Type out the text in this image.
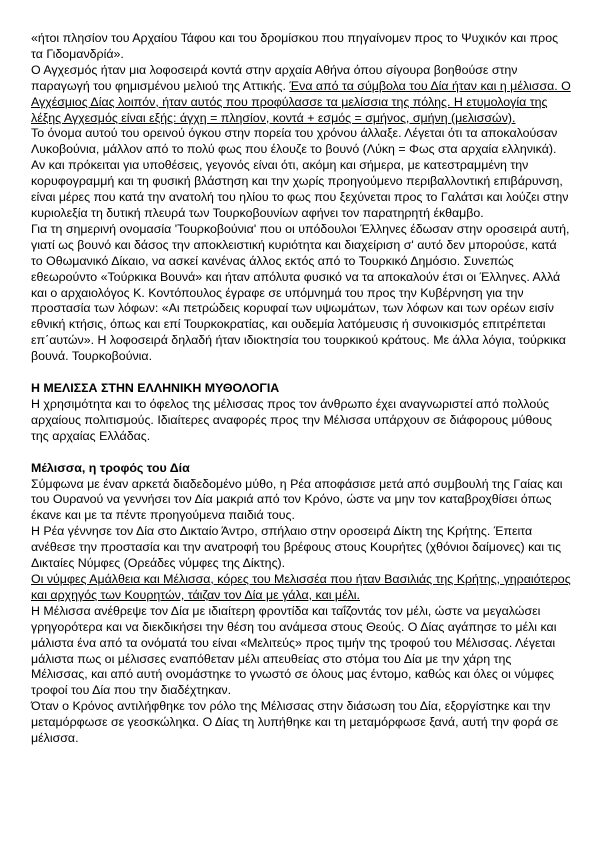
«ήτοι πλησίον του Αρχαίου Τάφου και του δρομίσκου που πηγαίνομεν προς το Ψυχικόν και προς τα Γιδομανδρίά».

Ο Αγχεσμός ήταν μια λοφοσειρά κοντά στην αρχαία Αθήνα όπου σίγουρα βοηθούσε στην παραγωγή του φημισμένου μελιού της Αττικής. Ένα από τα σύμβολα του Δία ήταν και η μέλισσα. Ο Αγχέσμιος Δίας λοιπόν, ήταν αυτός που προφύλασσε τα μελίσσια της πόλης. Η ετυμολογία της λέξης Αγχεσμός είναι εξής: άγχη = πλησίον, κοντά + εσμός = σμήνος, σμήνη (μελισσών).

Το όνομα αυτού του ορεινού όγκου στην πορεία του χρόνου άλλαξε. Λέγεται ότι τα αποκαλούσαν Λυκοβούνια, μάλλον από το πολύ φως που έλουζε το βουνό (Λύκη = Φως στα αρχαία ελληνικά). Αν και πρόκειται για υποθέσεις, γεγονός είναι ότι, ακόμη και σήμερα, με κατεστραμμένη την κορυφογραμμή και τη φυσική βλάστηση και την χωρίς προηγούμενο περιβαλλοντική επιβάρυνση, είναι μέρες που κατά την ανατολή του ηλίου το φως που ξεχύνεται προς το Γαλάτσι και λούζει στην κυριολεξία τη δυτική πλευρά των Τουρκοβουνίων αφήνει τον παρατηρητή έκθαμβο.

Για τη σημερινή ονομασία 'Τουρκοβούνια' που οι υπόδουλοι Έλληνες έδωσαν στην οροσειρά αυτή, γιατί ως βουνό και δάσος την αποκλειστική κυριότητα και διαχείριση σ' αυτό δεν μπορούσε, κατά το Οθωμανικό Δίκαιο, να ασκεί κανένας άλλος εκτός από το Τουρκικό Δημόσιο. Συνεπώς εθεωρούντο «Τούρκικα Βουνά» και ήταν απόλυτα φυσικό να τα αποκαλούν έτσι οι Έλληνες. Αλλά και ο αρχαιολόγος Κ. Κοντόπουλος έγραφε σε υπόμνημά του προς την Κυβέρνηση για την προστασία των λόφων: «Αι πετρώδεις κορυφαί των υψωμάτων, των λόφων και των ορέων εισίν εθνική κτήσις, όπως και επί Τουρκοκρατίας, και ουδεμία λατόμευσις ή συνοικισμός επιτρέπεται επ΄αυτών». Η λοφοσειρά δηλαδή ήταν ιδιοκτησία του τουρκικού κράτους. Με άλλα λόγια, τούρκικα βουνά. Τουρκοβούνια.

Η ΜΕΛΙΣΣΑ ΣΤΗΝ ΕΛΛΗΝΙΚΗ ΜΥΘΟΛΟΓΙΑ

Η χρησιμότητα και το όφελος της μέλισσας προς τον άνθρωπο έχει αναγνωριστεί από πολλούς αρχαίους πολιτισμούς. Ιδιαίτερες αναφορές προς την Μέλισσα υπάρχουν σε διάφορους μύθους της αρχαίας Ελλάδας.

Μέλισσα, η τροφός του Δία

Σύμφωνα με έναν αρκετά διαδεδομένο μύθο, η Ρέα αποφάσισε μετά από συμβουλή της Γαίας και του Ουρανού να γεννήσει τον Δία μακριά από τον Κρόνο, ώστε να μην τον καταβροχθίσει όπως έκανε και με τα πέντε προηγούμενα παιδιά τους.

Η Ρέα γέννησε τον Δία στο Δικταίο Άντρο, σπήλαιο στην οροσειρά Δίκτη της Κρήτης. Έπειτα ανέθεσε την προστασία και την ανατροφή του βρέφους στους Κουρήτες (χθόνιοι δαίμονες) και τις Δικταίες Νύμφες (Ορεάδες νύμφες της Δίκτης).

Οι νύμφες Αμάλθεια και Μέλισσα, κόρες του Μελισσέα που ήταν Βασιλιάς της Κρήτης, γηραιότερος και αρχηγός των Κουρητών, τάιζαν τον Δία με γάλα, και μέλι.

Η Μέλισσα ανέθρεψε τον Δία με ιδιαίτερη φροντίδα και ταΐζοντάς τον μέλι, ώστε να μεγαλώσει γρηγορότερα και να διεκδικήσει την θέση του ανάμεσα στους Θεούς. Ο Δίας αγάπησε το μέλι και μάλιστα ένα από τα ονόματά του είναι «Μελιτεύς» προς τιμήν της τροφού του Μέλισσας. Λέγεται μάλιστα πως οι μέλισσες εναπόθεταν μέλι απευθείας στο στόμα του Δία με την χάρη της Μέλισσας, και από αυτή ονομάστηκε το γνωστό σε όλους μας έντομο, καθώς και όλες οι νύμφες τροφοί του Δία που την διαδέχτηκαν.

Όταν ο Κρόνος αντιλήφθηκε τον ρόλο της Μέλισσας στην διάσωση του Δία, εξοργίστηκε και την μεταμόρφωσε σε γεοσκώληκα. Ο Δίας τη λυπήθηκε και τη μεταμόρφωσε ξανά, αυτή την φορά σε μέλισσα.
